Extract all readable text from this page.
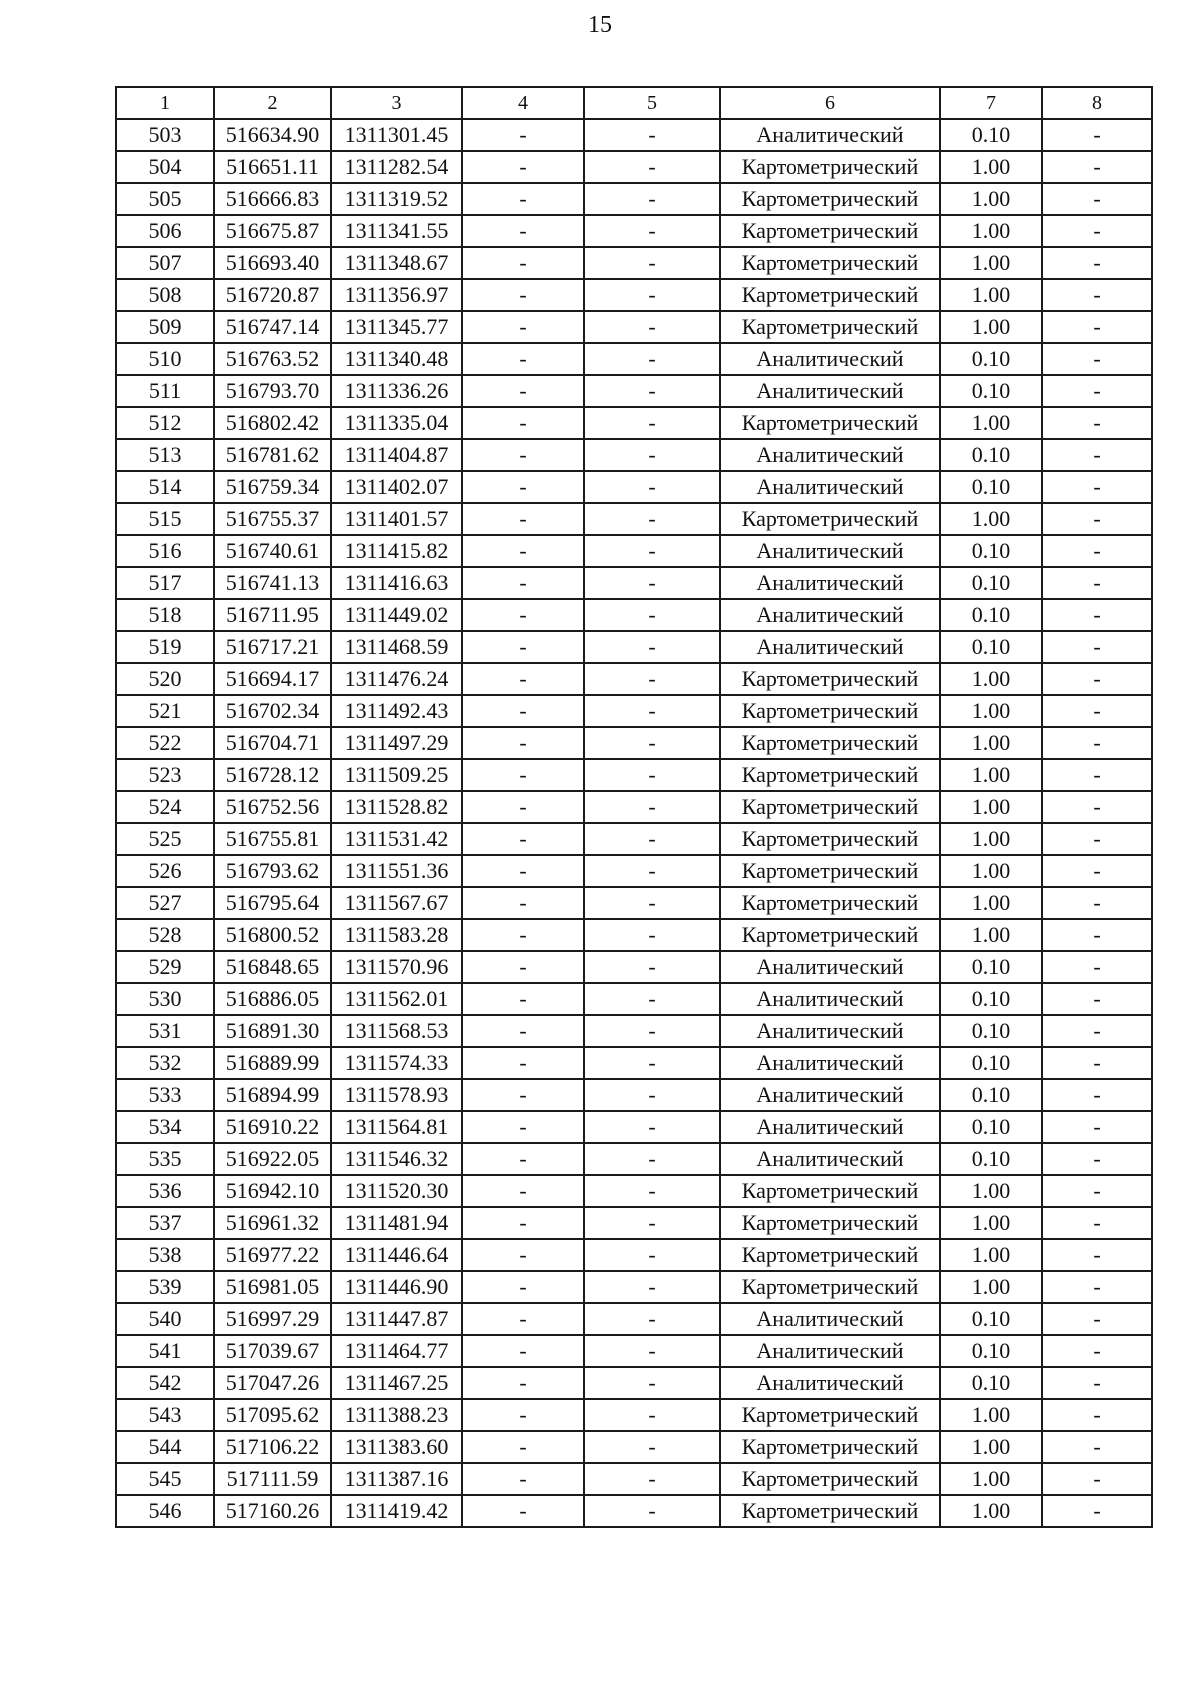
15
1	2	3	4	5	6	7	8
503	516634.90	1311301.45	-	-	Аналитический	0.10	-
504	516651.11	1311282.54	-	-	Картометрический	1.00	-
505	516666.83	1311319.52	-	-	Картометрический	1.00	-
506	516675.87	1311341.55	-	-	Картометрический	1.00	-
507	516693.40	1311348.67	-	-	Картометрический	1.00	-
508	516720.87	1311356.97	-	-	Картометрический	1.00	-
509	516747.14	1311345.77	-	-	Картометрический	1.00	-
510	516763.52	1311340.48	-	-	Аналитический	0.10	-
511	516793.70	1311336.26	-	-	Аналитический	0.10	-
512	516802.42	1311335.04	-	-	Картометрический	1.00	-
513	516781.62	1311404.87	-	-	Аналитический	0.10	-
514	516759.34	1311402.07	-	-	Аналитический	0.10	-
515	516755.37	1311401.57	-	-	Картометрический	1.00	-
516	516740.61	1311415.82	-	-	Аналитический	0.10	-
517	516741.13	1311416.63	-	-	Аналитический	0.10	-
518	516711.95	1311449.02	-	-	Аналитический	0.10	-
519	516717.21	1311468.59	-	-	Аналитический	0.10	-
520	516694.17	1311476.24	-	-	Картометрический	1.00	-
521	516702.34	1311492.43	-	-	Картометрический	1.00	-
522	516704.71	1311497.29	-	-	Картометрический	1.00	-
523	516728.12	1311509.25	-	-	Картометрический	1.00	-
524	516752.56	1311528.82	-	-	Картометрический	1.00	-
525	516755.81	1311531.42	-	-	Картометрический	1.00	-
526	516793.62	1311551.36	-	-	Картометрический	1.00	-
527	516795.64	1311567.67	-	-	Картометрический	1.00	-
528	516800.52	1311583.28	-	-	Картометрический	1.00	-
529	516848.65	1311570.96	-	-	Аналитический	0.10	-
530	516886.05	1311562.01	-	-	Аналитический	0.10	-
531	516891.30	1311568.53	-	-	Аналитический	0.10	-
532	516889.99	1311574.33	-	-	Аналитический	0.10	-
533	516894.99	1311578.93	-	-	Аналитический	0.10	-
534	516910.22	1311564.81	-	-	Аналитический	0.10	-
535	516922.05	1311546.32	-	-	Аналитический	0.10	-
536	516942.10	1311520.30	-	-	Картометрический	1.00	-
537	516961.32	1311481.94	-	-	Картометрический	1.00	-
538	516977.22	1311446.64	-	-	Картометрический	1.00	-
539	516981.05	1311446.90	-	-	Картометрический	1.00	-
540	516997.29	1311447.87	-	-	Аналитический	0.10	-
541	517039.67	1311464.77	-	-	Аналитический	0.10	-
542	517047.26	1311467.25	-	-	Аналитический	0.10	-
543	517095.62	1311388.23	-	-	Картометрический	1.00	-
544	517106.22	1311383.60	-	-	Картометрический	1.00	-
545	517111.59	1311387.16	-	-	Картометрический	1.00	-
546	517160.26	1311419.42	-	-	Картометрический	1.00	-
